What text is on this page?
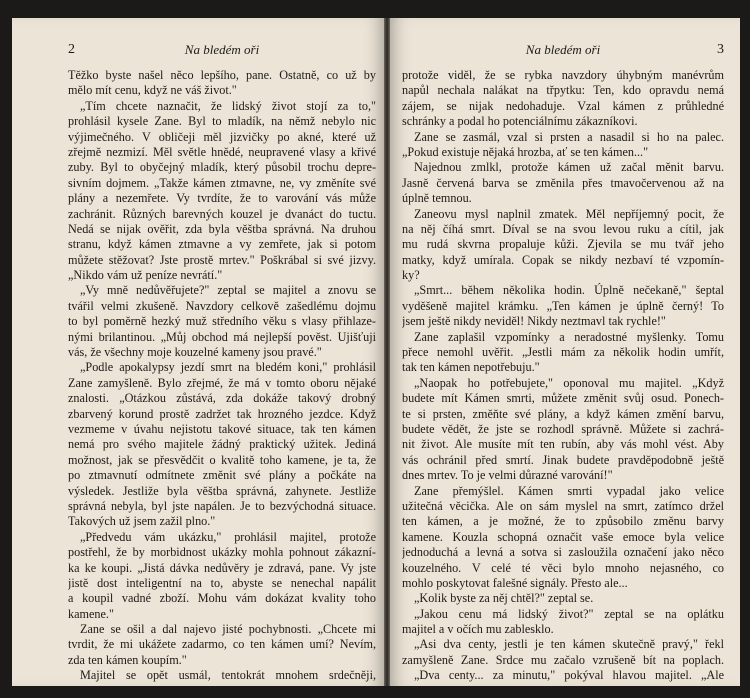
2	Na bledém oři
Těžko byste našel něco lepšího, pane. Ostatně, co už by
mělo mít cenu, když ne váš život."
„Tím chcete naznačit, že lidský život stojí za to,"
prohlásil kysele Zane. Byl to mladík, na němž nebylo nic
výjimečného. V obličeji měl jizvičky po akné, které už
zřejmě nezmizí. Měl světle hnědé, neupravené vlasy a křivé
zuby. Byl to obyčejný mladík, který působil trochu depre-
sivním dojmem. „Takže kámen ztmavne, ne, vy změníte své
plány a nezemřete. Vy tvrdíte, že to varování vás může
zachránit. Různých barevných kouzel je dvanáct do tuctu.
Nedá se nijak ověřit, zda byla věštba správná. Na druhou
stranu, když kámen ztmavne a vy zemřete, jak si potom
můžete stěžovat? Jste prostě mrtev." Poškrábal si své jizvy.
„Nikdo vám už peníze nevrátí."
„Vy mně nedůvěřujete?" zeptal se majitel a znovu se
tvářil velmi zkušeně. Navzdory celkově zašedlému dojmu
to byl poměrně hezký muž středního věku s vlasy přihlaze-
nými brilantinou. „Můj obchod má nejlepší pověst. Ujišťuji
vás, že všechny moje kouzelné kameny jsou pravé."
„Podle apokalypsy jezdí smrt na bledém koni," prohlásil
Zane zamyšleně. Bylo zřejmé, že má v tomto oboru nějaké
znalosti. „Otázkou zůstává, zda dokáže takový drobný
zbarvený korund prostě zadržet tak hrozného jezdce. Když
vezmeme v úvahu nejistotu takové situace, tak ten kámen
nemá pro svého majitele žádný praktický užitek. Jediná
možnost, jak se přesvědčit o kvalitě toho kamene, je ta, že
po ztmavnutí odmítnete změnit své plány a počkáte na
výsledek. Jestliže byla věštba správná, zahynete. Jestliže
správná nebyla, byl jste napálen. Je to bezvýchodná situace.
Takových už jsem zažil plno."
„Předvedu vám ukázku," prohlásil majitel, protože
postřehl, že by morbidnost ukázky mohla pohnout zákazní-
ka ke koupi. „Jistá dávka nedůvěry je zdravá, pane. Vy jste
jistě dost inteligentní na to, abyste se nenechal napálit
a koupil vadné zboží. Mohu vám dokázat kvality toho
kamene."
Zane se ošil a dal najevo jisté pochybnosti. „Chcete mi
tvrdit, že mi ukážete zadarmo, co ten kámen umí? Nevím,
zda ten kámen koupím."
Majitel se opět usmál, tentokrát mnohem srdečněji,
Na bledém oři	3
protože viděl, že se rybka navzdory úhybným manévrům
napůl nechala nalákat na třpytku: Ten, kdo opravdu nemá
zájem, se nijak nedohaduje. Vzal kámen z průhledné
schránky a podal ho potenciálnímu zákazníkovi.
Zane se zasmál, vzal si prsten a nasadil si ho na palec.
„Pokud existuje nějaká hrozba, ať se ten kámen..."
Najednou zmlkl, protože kámen už začal měnit barvu.
Jasně červená barva se změnila přes tmavočervenou až na
úplně temnou.
Zaneovu mysl naplnil zmatek. Měl nepříjemný pocit, že
na něj číhá smrt. Díval se na svou levou ruku a cítil, jak
mu rudá skvrna propaluje kůži. Zjevila se mu tvář jeho
matky, když umírala. Copak se nikdy nezbaví té vzpomín-
ky?
„Smrt... během několika hodin. Úplně nečekaně," šeptal
vyděšeně majitel krámku. „Ten kámen je úplně černý! To
jsem ještě nikdy neviděl! Nikdy neztmavl tak rychle!"
Zane zaplašil vzpomínky a neradostné myšlenky. Tomu
přece nemohl uvěřit. „Jestli mám za několik hodin umřít,
tak ten kámen nepotřebuju."
„Naopak ho potřebujete," oponoval mu majitel. „Když
budete mít Kámen smrti, můžete změnit svůj osud. Ponech-
te si prsten, změňte své plány, a když kámen změní barvu,
budete vědět, že jste se rozhodl správně. Můžete si zachrá-
nit život. Ale musíte mít ten rubín, aby vás mohl vést. Aby
vás ochránil před smrtí. Jinak budete pravděpodobně ještě
dnes mrtev. To je velmi důrazné varování!"
Zane přemýšlel. Kámen smrti vypadal jako velice
užitečná věcička. Ale on sám myslel na smrt, zatímco držel
ten kámen, a je možné, že to způsobilo změnu barvy
kamene. Kouzla schopná označit vaše emoce byla velice
jednoduchá a levná a sotva si zasloužila označení jako něco
kouzelného. V celé té věci bylo mnoho nejasného, co
mohlo poskytovat falešné signály. Přesto ale...
„Kolik byste za něj chtěl?" zeptal se.
„Jakou cenu má lidský život?" zeptal se na oplátku
majitel a v očích mu zablesklo.
„Asi dva centy, jestli je ten kámen skutečně pravý," řekl
zamyšleně Zane. Srdce mu začalo vzrušeně bít na poplach.
„Dva centy... za minutu," pokýval hlavou majitel. „Ale
